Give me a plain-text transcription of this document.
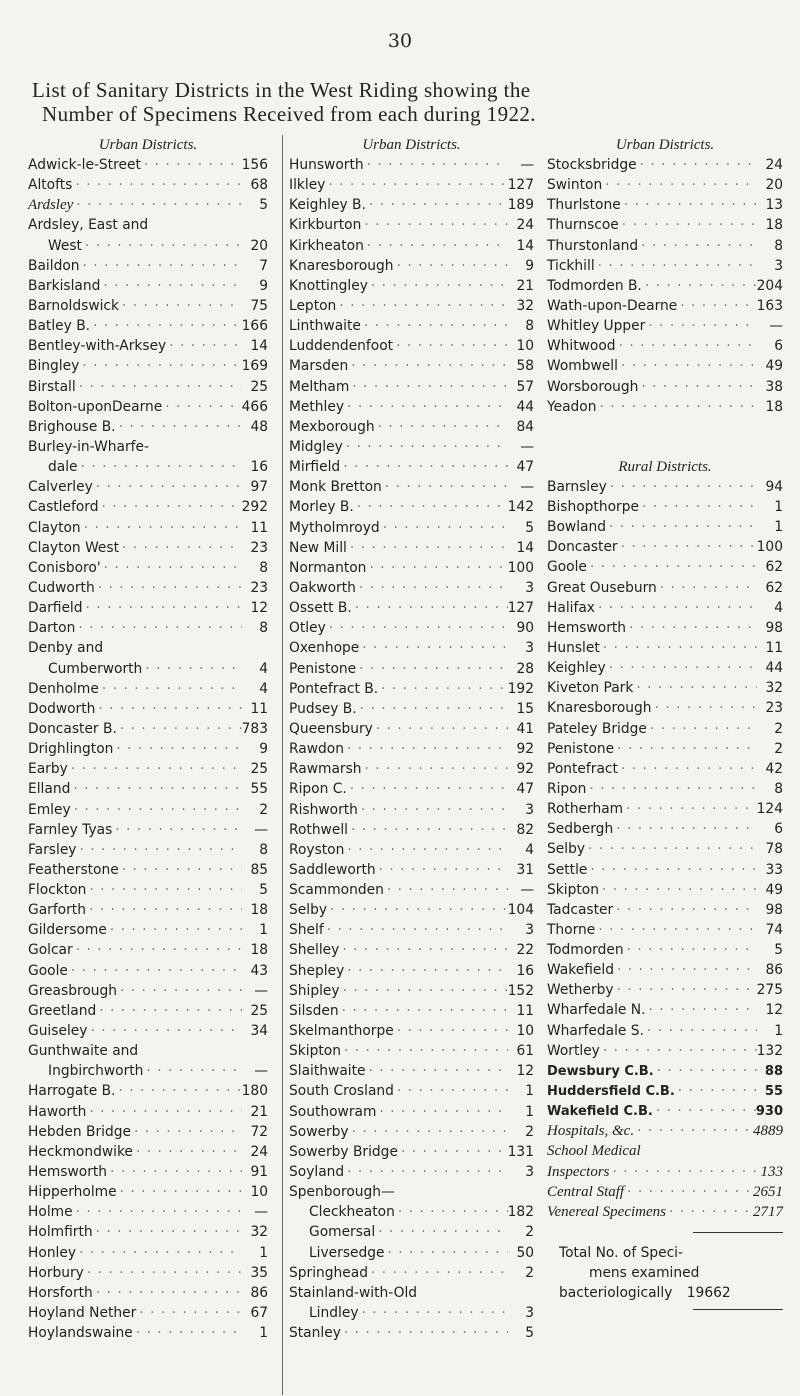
30
List of Sanitary Districts in the West Riding showing the
Number of Specimens Received from each during 1922.
Urban Districts.
Adwick-le-Street · · ·	156
Altofts · · ·	68
Ardsley · · ·	5
Ardsley, East and
West · · ·	20
Baildon · · ·	7
Barkisland · · ·	9
Barnoldswick · · ·	75
Batley B. · · ·	166
Bentley-with-Arksey · · ·	14
Bingley · · ·	169
Birstall · · ·	25
Bolton-uponDearne · · ·	466
Brighouse B. · · ·	48
Burley-in-Wharfe-
dale · · ·	16
Calverley · · ·	97
Castleford · · ·	292
Clayton · · ·	11
Clayton West · · ·	23
Conisboro' · · ·	8
Cudworth · · ·	23
Darfield · · ·	12
Darton · · ·	8
Denby and
Cumberworth · · ·	4
Denholme · · ·	4
Dodworth · · ·	11
Doncaster B. · · ·	783
Drighlington · · ·	9
Earby · · ·	25
Elland · · ·	55
Emley · · ·	2
Farnley Tyas · · ·	—
Farsley · · ·	8
Featherstone · · ·	85
Flockton · · ·	5
Garforth · · ·	18
Gildersome · · ·	1
Golcar · · ·	18
Goole · · ·	43
Greasbrough · · ·	—
Greetland · · ·	25
Guiseley · · ·	34
Gunthwaite and
Ingbirchworth · · ·	—
Harrogate B. · · ·	180
Haworth · · ·	21
Hebden Bridge · · ·	72
Heckmondwike · · ·	24
Hemsworth · · ·	91
Hipperholme · · ·	10
Holme · · ·	—
Holmfirth · · ·	32
Honley · · ·	1
Horbury · · ·	35
Horsforth · · ·	86
Hoyland Nether · · ·	67
Hoylandswaine · · ·	1
Urban Districts.
Hunsworth · · ·	—
Ilkley · · ·	127
Keighley B. · · ·	189
Kirkburton · · ·	24
Kirkheaton · · ·	14
Knaresborough · · ·	9
Knottingley · · ·	21
Lepton · · ·	32
Linthwaite · · ·	8
Luddendenfoot · · ·	10
Marsden · · ·	58
Meltham · · ·	57
Methley · · ·	44
Mexborough · · ·	84
Midgley · · ·	—
Mirfield · · ·	47
Monk Bretton · · ·	—
Morley B. · · ·	142
Mytholmroyd · · ·	5
New Mill · · ·	14
Normanton · · ·	100
Oakworth · · ·	3
Ossett B. · · ·	127
Otley · · ·	90
Oxenhope · · ·	3
Penistone · · ·	28
Pontefract B. · · ·	192
Pudsey B. · · ·	15
Queensbury · · ·	41
Rawdon · · ·	92
Rawmarsh · · ·	92
Ripon C. · · ·	47
Rishworth · · ·	3
Rothwell · · ·	82
Royston · · ·	4
Saddleworth · · ·	31
Scammonden · · ·	—
Selby · · ·	104
Shelf · · ·	3
Shelley · · ·	22
Shepley · · ·	16
Shipley · · ·	152
Silsden · · ·	11
Skelmanthorpe · · ·	10
Skipton · · ·	61
Slaithwaite · · ·	12
South Crosland · · ·	1
Southowram · · ·	1
Sowerby · · ·	2
Sowerby Bridge · · ·	131
Soyland · · ·	3
Spenborough—
Cleckheaton · · ·	182
Gomersal · · ·	2
Liversedge · · ·	50
Springhead · · ·	2
Stainland-with-Old
Lindley · · ·	3
Stanley · · ·	5
Urban Districts.
Stocksbridge · · ·	24
Swinton · · ·	20
Thurlstone · · ·	13
Thurnscoe · · ·	18
Thurstonland · · ·	8
Tickhill · · ·	3
Todmorden B. · · ·	204
Wath-upon-Dearne · · ·	163
Whitley Upper · · ·	—
Whitwood · · ·	6
Wombwell · · ·	49
Worsborough · · ·	38
Yeadon · · ·	18
Rural Districts.
Barnsley · · ·	94
Bishopthorpe · · ·	1
Bowland · · ·	1
Doncaster · · ·	100
Goole · · ·	62
Great Ouseburn · · ·	62
Halifax · · ·	4
Hemsworth · · ·	98
Hunslet · · ·	11
Keighley · · ·	44
Kiveton Park · · ·	32
Knaresborough · · ·	23
Pateley Bridge · · ·	2
Penistone · · ·	2
Pontefract · · ·	42
Ripon · · ·	8
Rotherham · · ·	124
Sedbergh · · ·	6
Selby · · ·	78
Settle · · ·	33
Skipton · · ·	49
Tadcaster · · ·	98
Thorne · · ·	74
Todmorden · · ·	5
Wakefield · · ·	86
Wetherby · · ·	275
Wharfedale N. · · ·	12
Wharfedale S. · · ·	1
Wortley · · ·	132
Dewsbury C.B. · · ·	88
Huddersfield C.B. · · ·	55
Wakefield C.B. · · ·	930
Hospitals, &c. · · ·	4889
School Medical
Inspectors · · ·	133
Central Staff · · ·	2651
Venereal Specimens · · ·	2717
Total No. of Speci-
mens examined
bacteriologically 19662
